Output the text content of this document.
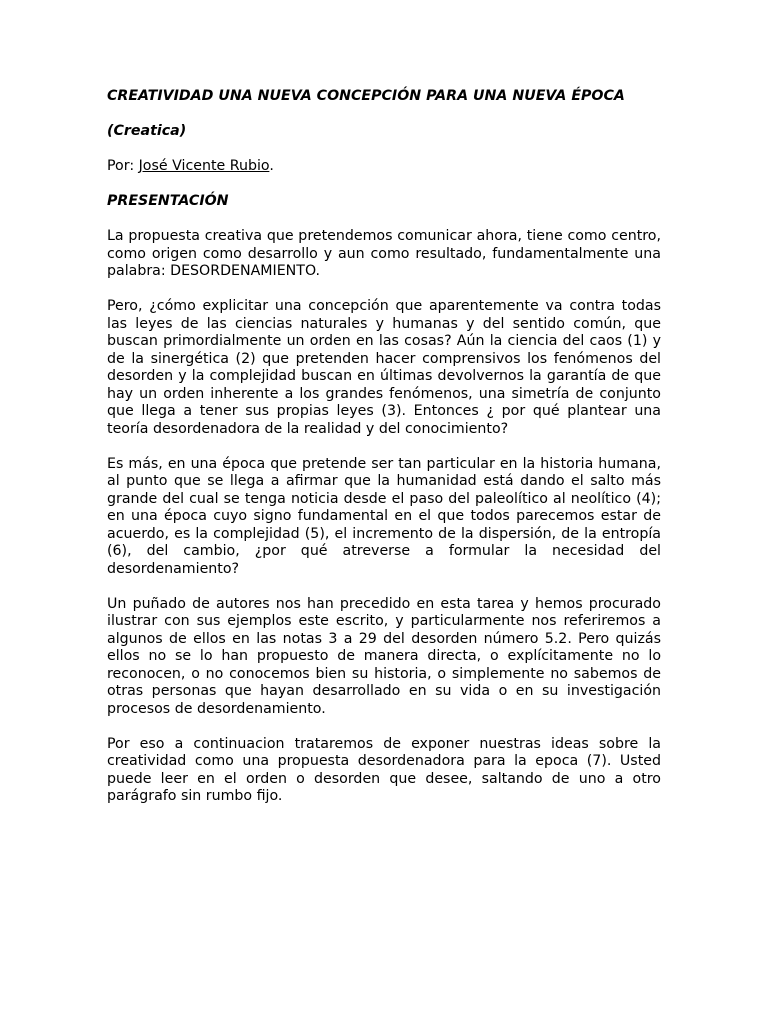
CREATIVIDAD UNA NUEVA CONCEPCIÓN PARA UNA NUEVA ÉPOCA

(Creatica)

Por: José Vicente Rubio.

PRESENTACIÓN

La propuesta creativa que pretendemos comunicar ahora, tiene como centro, como origen como desarrollo y aun como resultado, fundamentalmente una palabra: DESORDENAMIENTO.

Pero, ¿cómo explicitar una concepción que aparentemente va contra todas las leyes de las ciencias naturales y humanas y del sentido común, que buscan primordialmente un orden en las cosas? Aún la ciencia del caos (1) y de la sinergética (2) que pretenden hacer comprensivos los fenómenos del desorden y la complejidad buscan en últimas devolvernos la garantía de que hay un orden inherente a los grandes fenómenos, una simetría de conjunto que llega a tener sus propias leyes (3). Entonces ¿ por qué plantear una teoría desordenadora de la realidad y del conocimiento?

Es más, en una época que pretende ser tan particular en la historia humana, al punto que se llega a afirmar que la humanidad está dando el salto más grande del cual se tenga noticia desde el paso del paleolítico al neolítico (4); en una época cuyo signo fundamental en el que todos parecemos estar de acuerdo, es la complejidad (5), el incremento de la dispersión, de la entropía (6), del cambio, ¿por qué atreverse a formular la necesidad del desordenamiento?

Un puñado de autores nos han precedido en esta tarea y hemos procurado ilustrar con sus ejemplos este escrito, y particularmente nos referiremos a algunos de ellos en las notas 3 a 29 del desorden número 5.2. Pero quizás ellos no se lo han propuesto de manera directa, o explícitamente no lo reconocen, o no conocemos bien su historia, o simplemente no sabemos de otras personas que hayan desarrollado en su vida o en su investigación procesos de desordenamiento.

Por eso a continuacion trataremos de exponer nuestras ideas sobre la creatividad como una propuesta desordenadora para la epoca (7). Usted puede leer en el orden o desorden que desee, saltando de uno a otro parágrafo sin rumbo fijo.
